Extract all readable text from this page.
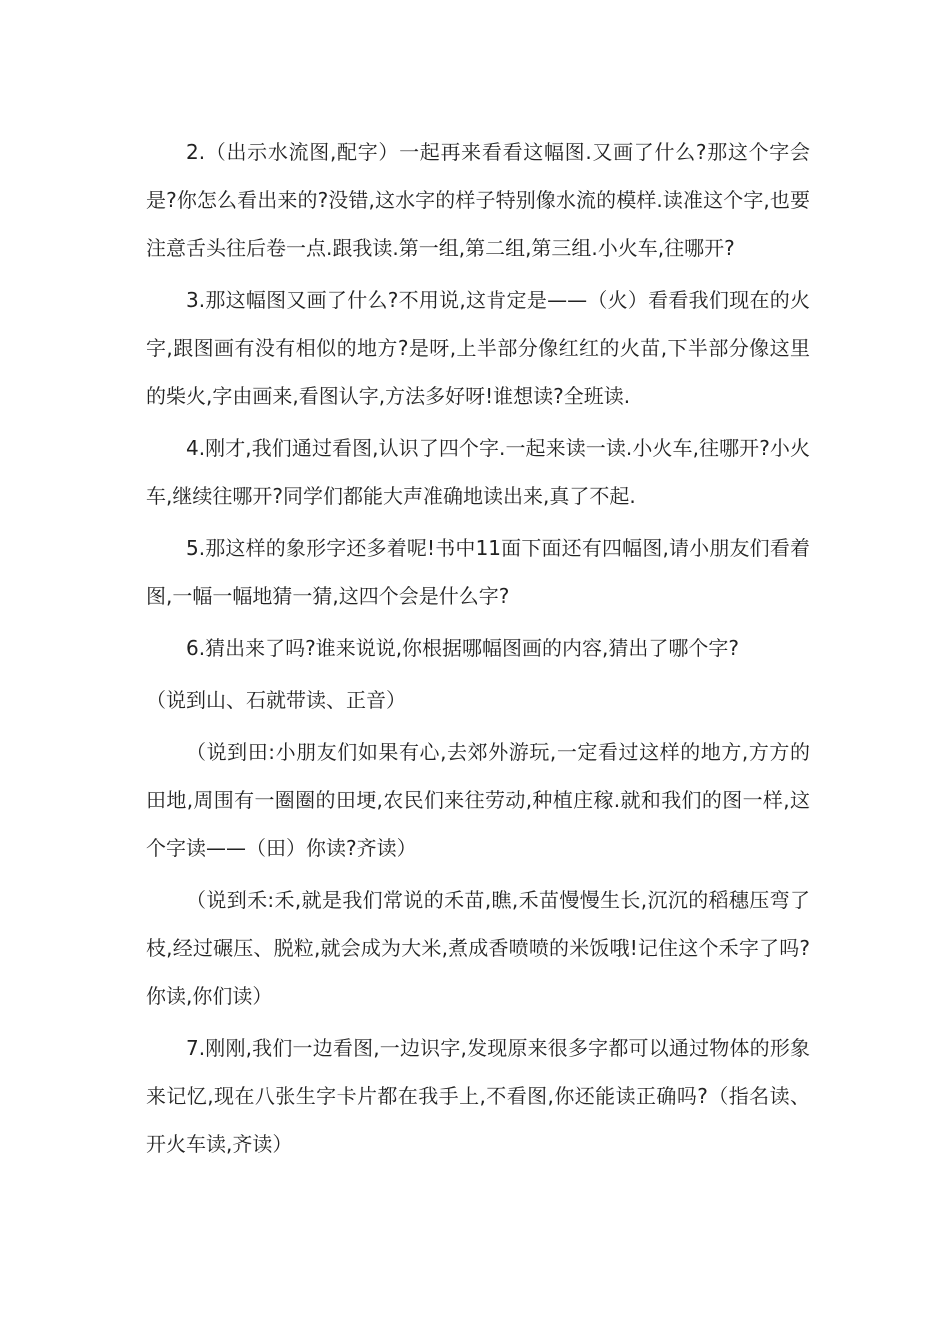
2.（出示水流图,配字）一起再来看看这幅图.又画了什么?那这个字会是?你怎么看出来的?没错,这水字的样子特别像水流的模样.读准这个字,也要注意舌头往后卷一点.跟我读.第一组,第二组,第三组.小火车,往哪开?

3.那这幅图又画了什么?不用说,这肯定是——（火）看看我们现在的火字,跟图画有没有相似的地方?是呀,上半部分像红红的火苗,下半部分像这里的柴火,字由画来,看图认字,方法多好呀!谁想读?全班读.

4.刚才,我们通过看图,认识了四个字.一起来读一读.小火车,往哪开?小火车,继续往哪开?同学们都能大声准确地读出来,真了不起.

5.那这样的象形字还多着呢!书中11面下面还有四幅图,请小朋友们看着图,一幅一幅地猜一猜,这四个会是什么字?

6.猜出来了吗?谁来说说,你根据哪幅图画的内容,猜出了哪个字?

（说到山、石就带读、正音）

（说到田:小朋友们如果有心,去郊外游玩,一定看过这样的地方,方方的田地,周围有一圈圈的田埂,农民们来往劳动,种植庄稼.就和我们的图一样,这个字读——（田）你读?齐读）

（说到禾:禾,就是我们常说的禾苗,瞧,禾苗慢慢生长,沉沉的稻穗压弯了枝,经过碾压、脱粒,就会成为大米,煮成香喷喷的米饭哦!记住这个禾字了吗?你读,你们读）

7.刚刚,我们一边看图,一边识字,发现原来很多字都可以通过物体的形象来记忆,现在八张生字卡片都在我手上,不看图,你还能读正确吗?（指名读、开火车读,齐读）
